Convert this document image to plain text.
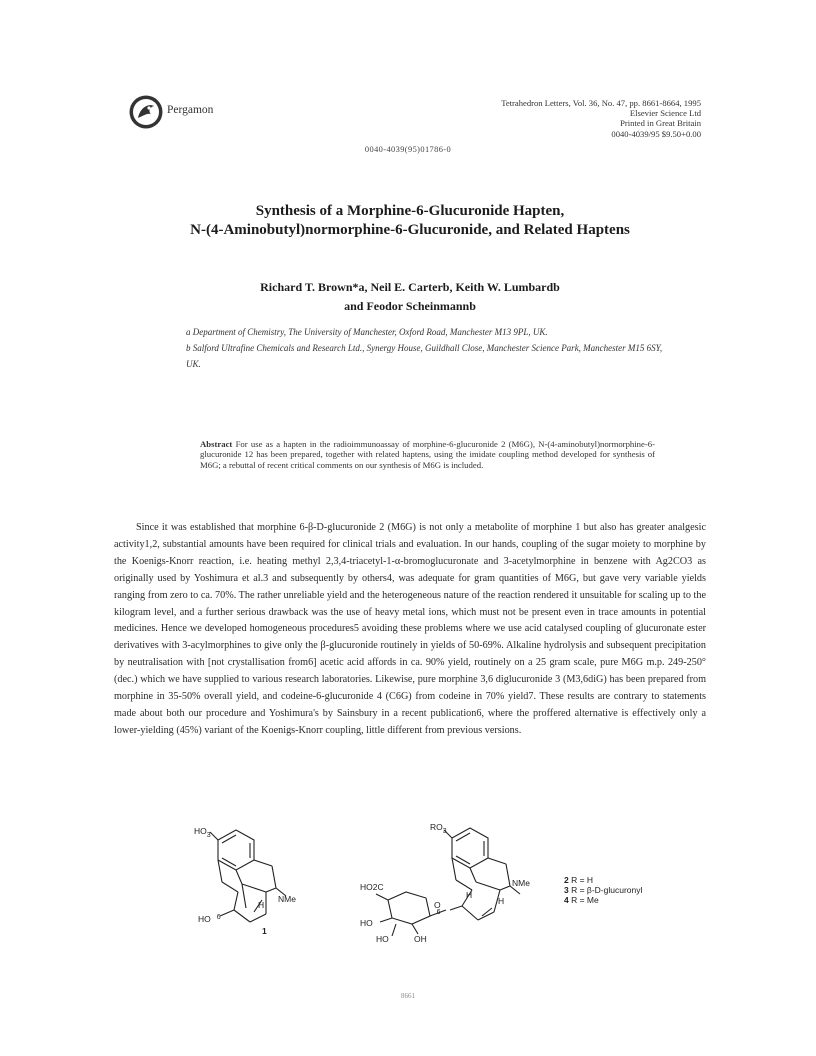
Pergamon
Tetrahedron Letters, Vol. 36, No. 47, pp. 8661-8664, 1995
Elsevier Science Ltd
Printed in Great Britain
0040-4039/95 $9.50+0.00
0040-4039(95)01786-0
Synthesis of a Morphine-6-Glucuronide Hapten,
N-(4-Aminobutyl)normorphine-6-Glucuronide, and Related Haptens
Richard T. Brown*a, Neil E. Carterb, Keith W. Lumbardb
and Feodor Scheinmannb
a Department of Chemistry, The University of Manchester, Oxford Road, Manchester M13 9PL, UK.
b Salford Ultrafine Chemicals and Research Ltd., Synergy House, Guildhall Close, Manchester Science Park, Manchester M15 6SY, UK.
Abstract For use as a hapten in the radioimmunoassay of morphine-6-glucuronide 2 (M6G), N-(4-aminobutyl)normorphine-6-glucuronide 12 has been prepared, together with related haptens, using the imidate coupling method developed for synthesis of M6G; a rebuttal of recent critical comments on our synthesis of M6G is included.
Since it was established that morphine 6-β-D-glucuronide 2 (M6G) is not only a metabolite of morphine 1 but also has greater analgesic activity1,2, substantial amounts have been required for clinical trials and evaluation. In our hands, coupling of the sugar moiety to morphine by the Koenigs-Knorr reaction, i.e. heating methyl 2,3,4-triacetyl-1-α-bromoglucuronate and 3-acetylmorphine in benzene with Ag2CO3 as originally used by Yoshimura et al.3 and subsequently by others4, was adequate for gram quantities of M6G, but gave very variable yields ranging from zero to ca. 70%. The rather unreliable yield and the heterogeneous nature of the reaction rendered it unsuitable for scaling up to the kilogram level, and a further serious drawback was the use of heavy metal ions, which must not be present even in trace amounts in potential medicines. Hence we developed homogeneous procedures5 avoiding these problems where we use acid catalysed coupling of glucuronate ester derivatives with 3-acylmorphines to give only the β-glucuronide routinely in yields of 50-69%. Alkaline hydrolysis and subsequent precipitation by neutralisation with [not crystallisation from6] acetic acid affords in ca. 90% yield, routinely on a 25 gram scale, pure M6G m.p. 249-250°(dec.) which we have supplied to various research laboratories. Likewise, pure morphine 3,6 diglucuronide 3 (M3,6diG) has been prepared from morphine in 35-50% overall yield, and codeine-6-glucuronide 4 (C6G) from codeine in 70% yield7. These results are contrary to statements made about both our procedure and Yoshimura's by Sainsbury in a recent publication6, where the proffered alternative is effectively only a lower-yielding (45%) variant of the Koenigs-Knorr coupling, little different from previous versions.
$HO_3$
NMe
H
HO $^6$
1
$RO_3$
NMe
H
H
HO2C
HO
HO	OH
O 6
2 R = H
3 R = β-D-glucuronyl
4 R = Me
8661
